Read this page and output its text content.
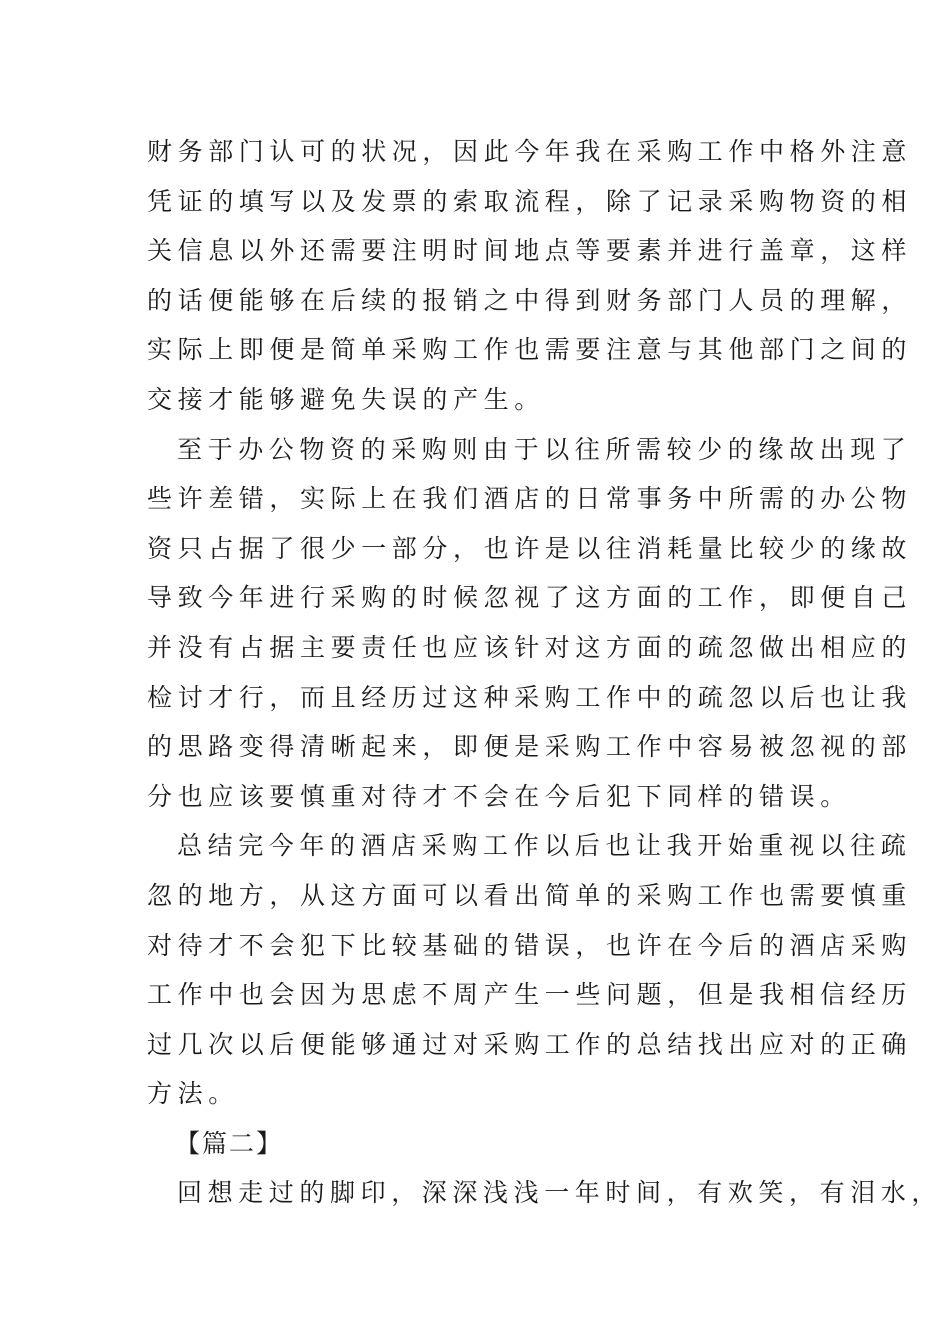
财务部门认可的状况，因此今年我在采购工作中格外注意
凭证的填写以及发票的索取流程，除了记录采购物资的相
关信息以外还需要注明时间地点等要素并进行盖章，这样
的话便能够在后续的报销之中得到财务部门人员的理解，
实际上即便是简单采购工作也需要注意与其他部门之间的
交接才能够避免失误的产生。
至于办公物资的采购则由于以往所需较少的缘故出现了
些许差错，实际上在我们酒店的日常事务中所需的办公物
资只占据了很少一部分，也许是以往消耗量比较少的缘故
导致今年进行采购的时候忽视了这方面的工作，即便自己
并没有占据主要责任也应该针对这方面的疏忽做出相应的
检讨才行，而且经历过这种采购工作中的疏忽以后也让我
的思路变得清晰起来，即便是采购工作中容易被忽视的部
分也应该要慎重对待才不会在今后犯下同样的错误。
总结完今年的酒店采购工作以后也让我开始重视以往疏
忽的地方，从这方面可以看出简单的采购工作也需要慎重
对待才不会犯下比较基础的错误，也许在今后的酒店采购
工作中也会因为思虑不周产生一些问题，但是我相信经历
过几次以后便能够通过对采购工作的总结找出应对的正确
方法。
【篇二】
回想走过的脚印，深深浅浅一年时间，有欢笑，有泪水，
